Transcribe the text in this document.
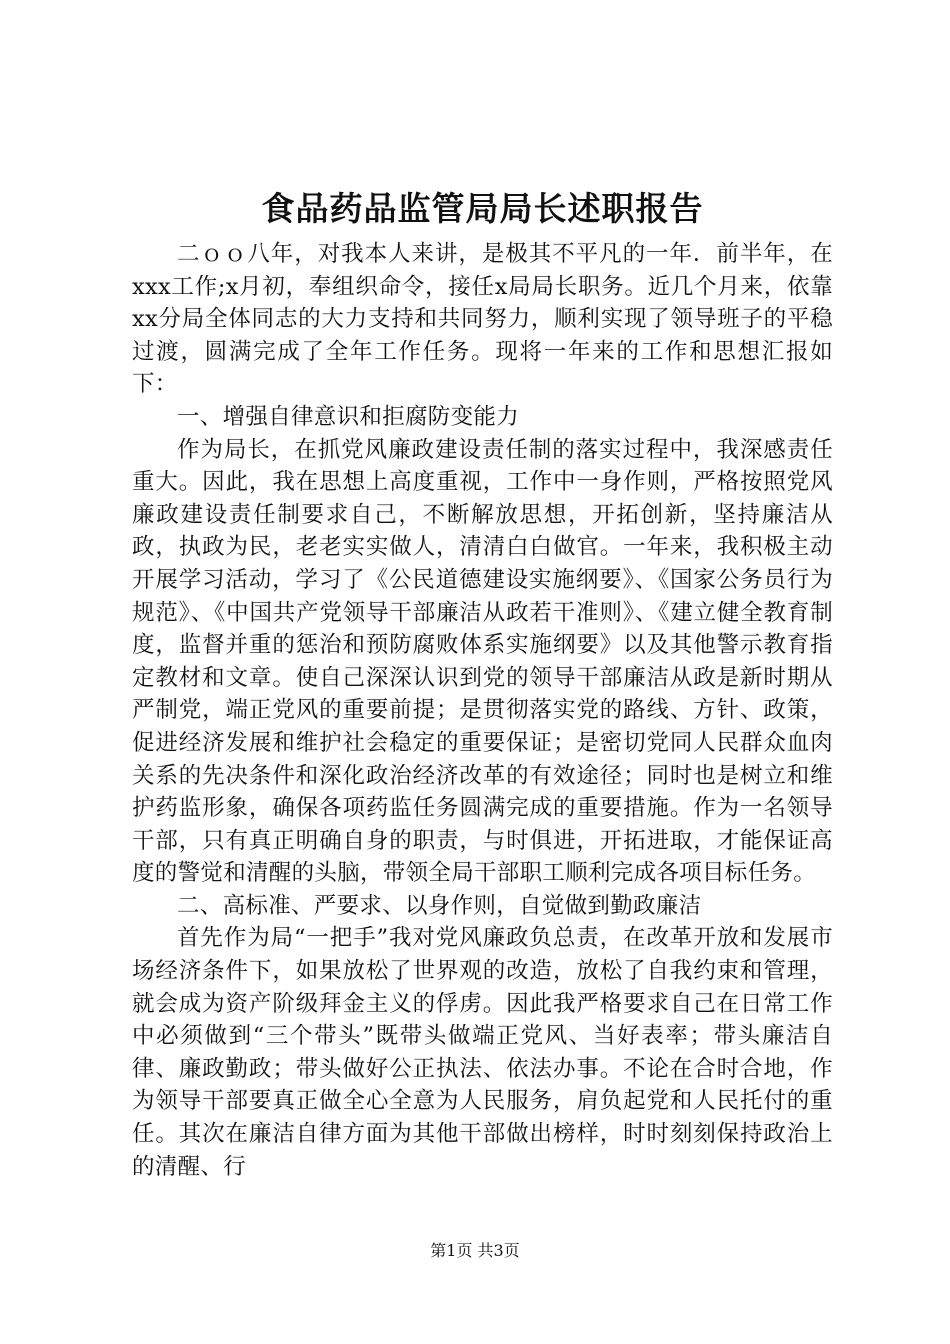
食品药品监管局局长述职报告

二ｏｏ八年，对我本人来讲，是极其不平凡的一年．前半年，在xxx工作;x月初，奉组织命令，接任x局局长职务。近几个月来，依靠xx分局全体同志的大力支持和共同努力，顺利实现了领导班子的平稳过渡，圆满完成了全年工作任务。现将一年来的工作和思想汇报如下：

一、增强自律意识和拒腐防变能力

作为局长，在抓党风廉政建设责任制的落实过程中，我深感责任重大。因此，我在思想上高度重视，工作中一身作则，严格按照党风廉政建设责任制要求自己，不断解放思想，开拓创新，坚持廉洁从政，执政为民，老老实实做人，清清白白做官。一年来，我积极主动开展学习活动，学习了《公民道德建设实施纲要》、《国家公务员行为规范》、《中国共产党领导干部廉洁从政若干准则》、《建立健全教育制度，监督并重的惩治和预防腐败体系实施纲要》以及其他警示教育指定教材和文章。使自己深深认识到党的领导干部廉洁从政是新时期从严制党，端正党风的重要前提；是贯彻落实党的路线、方针、政策，促进经济发展和维护社会稳定的重要保证；是密切党同人民群众血肉关系的先决条件和深化政治经济改革的有效途径；同时也是树立和维护药监形象，确保各项药监任务圆满完成的重要措施。作为一名领导干部，只有真正明确自身的职责，与时俱进，开拓进取，才能保证高度的警觉和清醒的头脑，带领全局干部职工顺利完成各项目标任务。

二、高标准、严要求、以身作则，自觉做到勤政廉洁

首先作为局“一把手”我对党风廉政负总责，在改革开放和发展市场经济条件下，如果放松了世界观的改造，放松了自我约束和管理，就会成为资产阶级拜金主义的俘虏。因此我严格要求自己在日常工作中必须做到“三个带头”既带头做端正党风、当好表率；带头廉洁自律、廉政勤政；带头做好公正执法、依法办事。不论在合时合地，作为领导干部要真正做全心全意为人民服务，肩负起党和人民托付的重任。其次在廉洁自律方面为其他干部做出榜样，时时刻刻保持政治上的清醒、行

第1页 共3页
